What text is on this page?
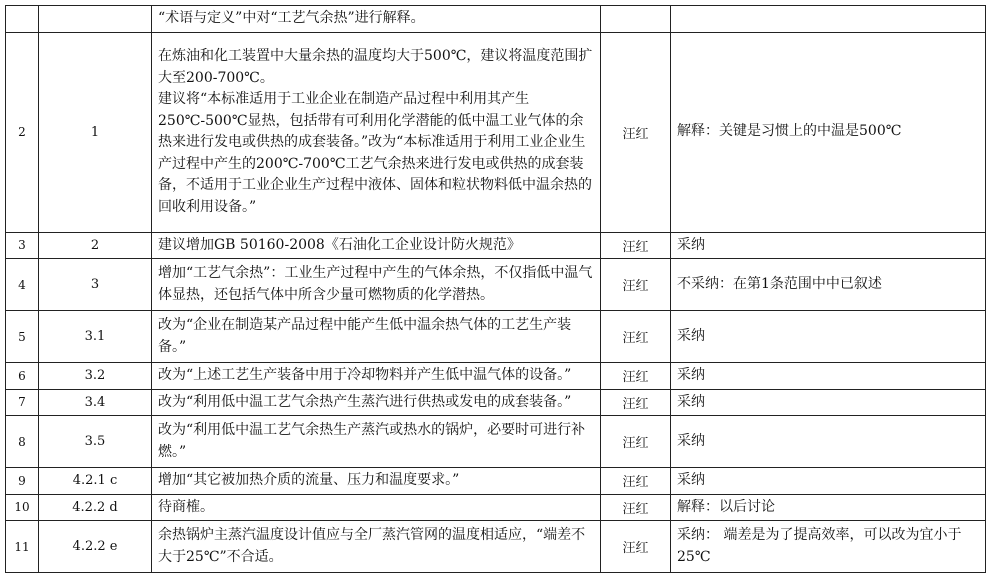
		“术语与定义”中对“工艺气余热”进行解释。		

2	1	在炼油和化工装置中大量余热的温度均大于500℃，建议将温度范围扩大至200-700℃。
建议将“本标准适用于工业企业在制造产品过程中利用其产生250℃-500℃显热，包括带有可利用化学潜能的低中温工业气体的余热来进行发电或供热的成套装备。”改为“本标准适用于利用工业企业生产过程中产生的200℃-700℃工艺气余热来进行发电或供热的成套装备，不适用于工业企业生产过程中液体、固体和粒状物料低中温余热的回收利用设备。”	汪红	解释：关键是习惯上的中温是500℃
3	2	建议增加GB 50160-2008《石油化工企业设计防火规范》	汪红	采纳
4	3	增加“工艺气余热”：工业生产过程中产生的气体余热，不仅指低中温气体显热，还包括气体中所含少量可燃物质的化学潜热。	汪红	不采纳：在第1条范围中中已叙述
5	3.1	改为“企业在制造某产品过程中能产生低中温余热气体的工艺生产装备。”	汪红	采纳
6	3.2	改为“上述工艺生产装备中用于冷却物料并产生低中温气体的设备。”	汪红	采纳
7	3.4	改为“利用低中温工艺气余热产生蒸汽进行供热或发电的成套装备。”	汪红	采纳
8	3.5	改为“利用低中温工艺气余热生产蒸汽或热水的锅炉，必要时可进行补燃。”	汪红	采纳
9	4.2.1 c	增加“其它被加热介质的流量、压力和温度要求。”	汪红	采纳
10	4.2.2 d	待商榷。	汪红	解释：以后讨论
11	4.2.2 e	余热锅炉主蒸汽温度设计值应与全厂蒸汽管网的温度相适应，“端差不大于25℃”不合适。	汪红	采纳： 端差是为了提高效率，可以改为宜小于25℃
